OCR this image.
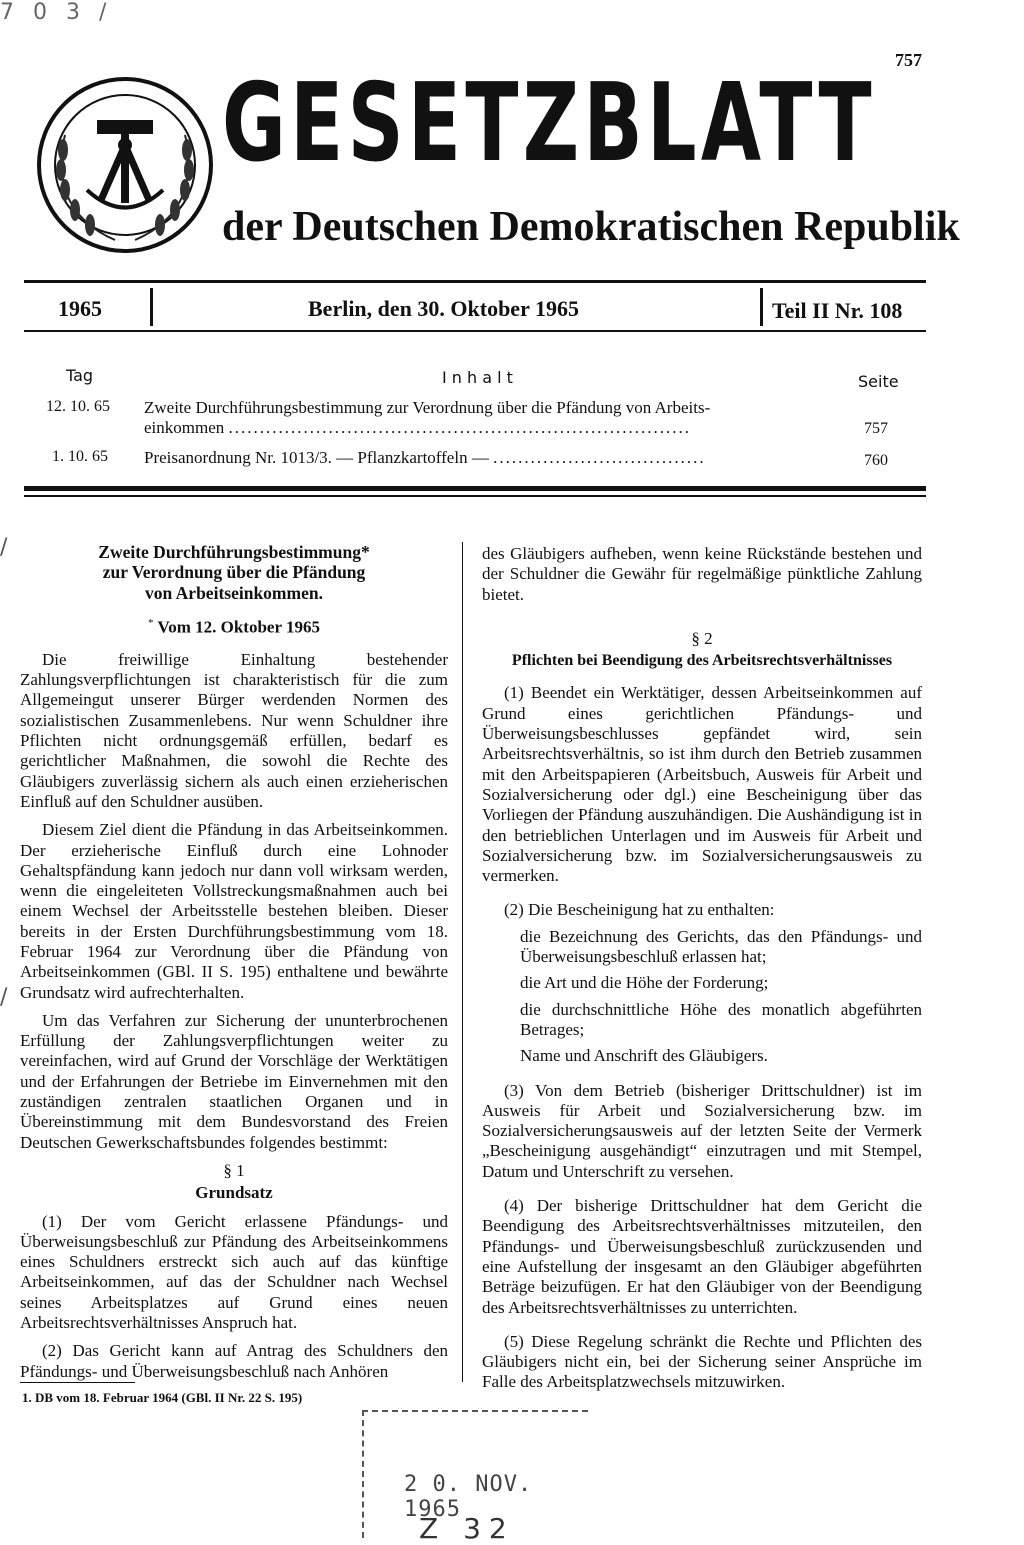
7 0 3 /
757
GESETZBLATT
der Deutschen Demokratischen Republik
1965	Berlin, den 30. Oktober 1965	Teil II Nr. 108
Tag	I n h a l t	Seite
12. 10. 65 Zweite Durchführungsbestimmung zur Verordnung über die Pfändung von Arbeits-
einkommen ..........................................................................	757
1. 10. 65 Preisanordnung Nr. 1013/3. — Pflanzkartoffeln — ..................................	760
/
/

Zweite Durchführungsbestimmung*

zur Verordnung über die Pfändung

von Arbeitseinkommen.

* Vom 12. Oktober 1965

Die freiwillige Einhaltung bestehender Zahlungsverpflichtungen ist charakteristisch für die zum Allgemeingut unserer Bürger werdenden Normen des sozialistischen Zusammenlebens. Nur wenn Schuldner ihre Pflichten nicht ordnungsgemäß erfüllen, bedarf es gerichtlicher Maßnahmen, die sowohl die Rechte des Gläubigers zuverlässig sichern als auch einen erzieherischen Einfluß auf den Schuldner ausüben.

Diesem Ziel dient die Pfändung in das Arbeitseinkommen. Der erzieherische Einfluß durch eine Lohnoder Gehaltspfändung kann jedoch nur dann voll wirksam werden, wenn die eingeleiteten Vollstreckungsmaßnahmen auch bei einem Wechsel der Arbeitsstelle bestehen bleiben. Dieser bereits in der Ersten Durchführungsbestimmung vom 18. Februar 1964 zur Verordnung über die Pfändung von Arbeitseinkommen (GBl. II S. 195) enthaltene und bewährte Grundsatz wird aufrechterhalten.

Um das Verfahren zur Sicherung der ununterbrochenen Erfüllung der Zahlungsverpflichtungen weiter zu vereinfachen, wird auf Grund der Vorschläge der Werktätigen und der Erfahrungen der Betriebe im Einvernehmen mit den zuständigen zentralen staatlichen Organen und in Übereinstimmung mit dem Bundesvorstand des Freien Deutschen Gewerkschaftsbundes folgendes bestimmt:

§ 1

Grundsatz

(1) Der vom Gericht erlassene Pfändungs- und Überweisungsbeschluß zur Pfändung des Arbeitseinkommens eines Schuldners erstreckt sich auch auf das künftige Arbeitseinkommen, auf das der Schuldner nach Wechsel seines Arbeitsplatzes auf Grund eines neuen Arbeitsrechtsverhältnisses Anspruch hat.

(2) Das Gericht kann auf Antrag des Schuldners den Pfändungs- und Überweisungsbeschluß nach Anhören

1. DB vom 18. Februar 1964 (GBl. II Nr. 22 S. 195)

des Gläubigers aufheben, wenn keine Rückstände bestehen und der Schuldner die Gewähr für regelmäßige pünktliche Zahlung bietet.

§ 2

Pflichten bei Beendigung des Arbeitsrechtsverhältnisses

(1) Beendet ein Werktätiger, dessen Arbeitseinkommen auf Grund eines gerichtlichen Pfändungs- und Überweisungsbeschlusses gepfändet wird, sein Arbeitsrechtsverhältnis, so ist ihm durch den Betrieb zusammen mit den Arbeitspapieren (Arbeitsbuch, Ausweis für Arbeit und Sozialversicherung oder dgl.) eine Bescheinigung über das Vorliegen der Pfändung auszuhändigen. Die Aushändigung ist in den betrieblichen Unterlagen und im Ausweis für Arbeit und Sozialversicherung bzw. im Sozialversicherungsausweis zu vermerken.

(2) Die Bescheinigung hat zu enthalten:

die Bezeichnung des Gerichts, das den Pfändungs- und Überweisungsbeschluß erlassen hat;

die Art und die Höhe der Forderung;

die durchschnittliche Höhe des monatlich abgeführten Betrages;

Name und Anschrift des Gläubigers.

(3) Von dem Betrieb (bisheriger Drittschuldner) ist im Ausweis für Arbeit und Sozialversicherung bzw. im Sozialversicherungsausweis auf der letzten Seite der Vermerk „Bescheinigung ausgehändigt“ einzutragen und mit Stempel, Datum und Unterschrift zu versehen.

(4) Der bisherige Drittschuldner hat dem Gericht die Beendigung des Arbeitsrechtsverhältnisses mitzuteilen, den Pfändungs- und Überweisungsbeschluß zurückzusenden und eine Aufstellung der insgesamt an den Gläubiger abgeführten Beträge beizufügen. Er hat den Gläubiger von der Beendigung des Arbeitsrechtsverhältnisses zu unterrichten.

(5) Diese Regelung schränkt die Rechte und Pflichten des Gläubigers nicht ein, bei der Sicherung seiner Ansprüche im Falle des Arbeitsplatzwechsels mitzuwirken.

2 0. NOV. 1965
Z 32
